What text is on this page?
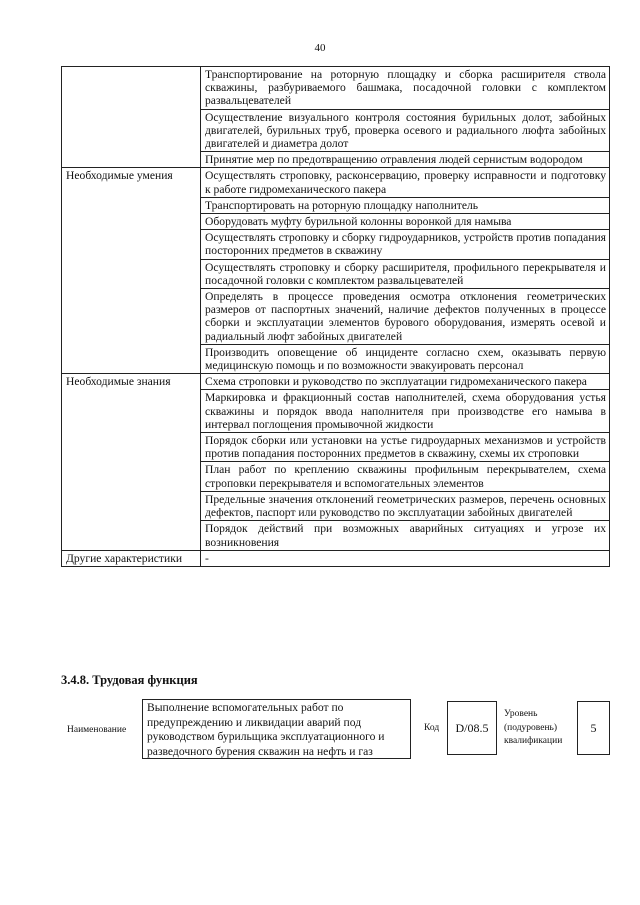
40
	Транспортирование на роторную площадку и сборка расширителя ствола скважины, разбуриваемого башмака, посадочной головки с комплектом развальцевателей
	Осуществление визуального контроля состояния бурильных долот, забойных двигателей, бурильных труб, проверка осевого и радиального люфта забойных двигателей и диаметра долот
	Принятие мер по предотвращению отравления людей сернистым водородом
Необходимые умения	Осуществлять строповку, расконсервацию, проверку исправности и подготовку к работе гидромеханического пакера
	Транспортировать на роторную площадку наполнитель
	Оборудовать муфту бурильной колонны воронкой для намыва
	Осуществлять строповку и сборку гидроударников, устройств против попадания посторонних предметов в скважину
	Осуществлять строповку и сборку расширителя, профильного перекрывателя и посадочной головки с комплектом развальцевателей
	Определять в процессе проведения осмотра отклонения геометрических размеров от паспортных значений, наличие дефектов полученных в процессе сборки и эксплуатации элементов бурового оборудования, измерять осевой и радиальный люфт забойных двигателей
	Производить оповещение об инциденте согласно схем, оказывать первую медицинскую помощь и по возможности эвакуировать персонал
Необходимые знания	Схема строповки и руководство по эксплуатации гидромеханического пакера
	Маркировка и фракционный состав наполнителей, схема оборудования устья скважины и порядок ввода наполнителя при производстве его намыва в интервал поглощения промывочной жидкости
	Порядок сборки или установки на устье гидроударных механизмов и устройств против попадания посторонних предметов в скважину, схемы их строповки
	План работ по креплению скважины профильным перекрывателем, схема строповки перекрывателя и вспомогательных элементов
	Предельные значения отклонений геометрических размеров, перечень основных дефектов, паспорт или руководство по эксплуатации забойных двигателей
	Порядок действий при возможных аварийных ситуациях и угрозе их возникновения
Другие характеристики	-
3.4.8. Трудовая функция
Наименование
Выполнение вспомогательных работ по предупреждению и ликвидации аварий под руководством бурильщика эксплуатационного и разведочного бурения скважин на нефть и газ
Код	D/08.5
Уровень (подуровень) квалификации
5
